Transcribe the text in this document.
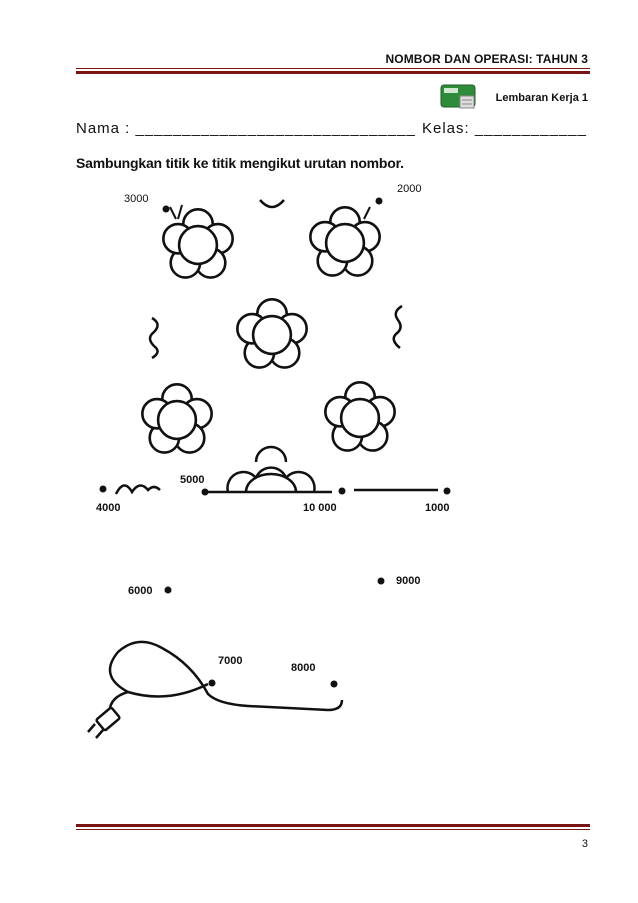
NOMBOR DAN OPERASI: TAHUN 3
Lembaran Kerja 1
Nama : ______________________________ Kelas: ____________
Sambungkan titik ke titik mengikut urutan nombor.
2000
3000
4000
5000
10 000	1000
6000
9000
7000
8000
3
